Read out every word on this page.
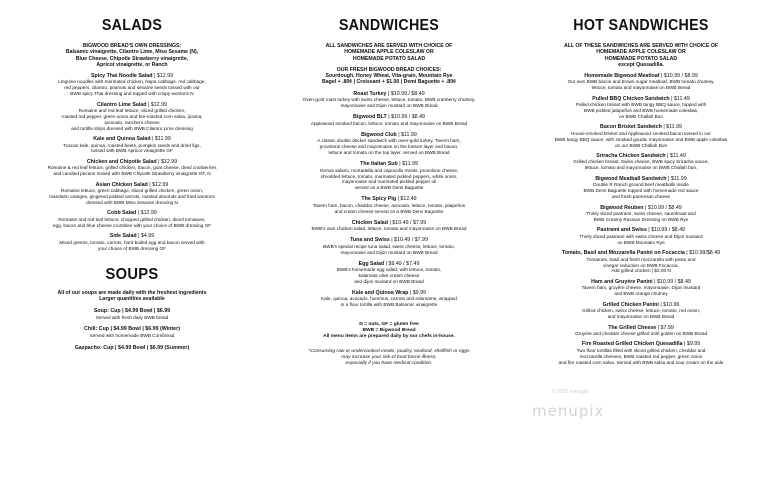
SALADS
BIGWOOD BREAD'S OWN DRESSINGS:
Balsamic vinaigrette, Cilantro Lime, Miso Sesame (N),
Blue Cheese, Chipotle Strawberry vinaigrette,
Apricot vinaigrette, or Ranch
Spicy Thai Noodle Salad | $12.99
Linguine noodles with marinated chicken, Napa cabbage, red cabbage,
red peppers, cilantro, peanuts and sesame seeds tossed with our
BWB spicy Thai dressing and topped with crispy wontons N
Cilantro Lime Salad | $12.99
Romaine and red leaf lettuce, sliced grilled chicken,
roasted red pepper, green onion and fire-roasted corn salsa, jicama,
avocado, ranchero cheese
and tortilla strips dressed with BWB Cilantro Lime dressing
Kale and Quinoa Salad | $11.99
Tuscan kale, quinoa, roasted beets, pumpkin seeds and dried figs,
tossed with BWB Apricot vinaigrette GF
Chicken and Chipotle Salad | $12.99
Romaine & red leaf lettuce, grilled chicken, bacon, goat cheese, dried cranberries
and candied pecans tossed with BWB Chipotle Strawberry vinaigrette GF, N
Asian Chicken Salad | $12.99
Romaine lettuce, green cabbage, sliced grilled chicken, green onion,
mandarin oranges, gingered pickled carrots, roasted almonds and fried wontons
dressed with BWB Miso Sesame dressing N
Cobb Salad | $12.99
Romaine and red leaf lettuce, chopped grilled chicken, diced tomatoes,
egg, bacon and blue cheese crumbles with your choice of BWB dressing GF
Side Salad | $4.99
Mixed greens, tomato, carrots, hard boiled egg and bacon served with
your choice of BWB dressing GF
SOUPS
All of our soups are made daily with the freshest ingredients
Larger quantities available
Soup: Cup | $4.99 Bowl | $6.99
Served with fresh daily BWB bread
Chili: Cup | $4.99 Bowl | $6.99 (Winter)
Served with homemade BWB Cornbread
Gazpacho: Cup | $4.99 Bowl | $6.99 (Summer)
SANDWICHES
ALL SANDWICHES ARE SERVED WITH CHOICE OF
HOMEMADE APPLE COLESLAW OR
HOMEMADE POTATO SALAD
OUR FRESH BIGWOOD BREAD CHOICES:
Sourdough, Honey Wheat, Vita-grain, Mountain Rye
Bagel + .80¢ | Croissant + $1.00 | Demi Baguette + .80¢
Roast Turkey | $10.99 / $8.49
Oven-gold roast turkey with swiss cheese, lettuce, tomato, BWB cranberry chutney,
mayonnaise and Dijon mustard on BWB Bread
Bigwood BLT | $10.99 / $8.49
Applewood smoked bacon, lettuce, tomato and mayonnaise on BWB Bread
Bigwood Club | $11.99
A classic double decker sandwich with oven-gold turkey, Tavern ham,
provolone cheese and mayonnaise on the bottom layer and bacon,
lettuce and tomato on the top layer, served on BWB Bread
The Italian Sub | $11.99
Genoa salami, mortadella and capocollo meats, provolone cheese,
shredded lettuce, tomato, marinated pickled peppers, white onion,
mayonnaise and marinated pickled pepper oil
served on a BWB Demi Baguette
The Spicy Pig | $12.49
Tavern ham, bacon, cheddar cheese, avocado, lettuce, tomato, jalapeños
and cream cheese served on a BWB Demi Baguette
Chicken Salad | $10.49 / $7.99
BWB's own chicken salad, lettuce, tomato and mayonnaise on BWB Bread
Tuna and Swiss | $10.49 / $7.99
BWB's special recipe tuna salad, swiss cheese, lettuce, tomato,
mayonnaise and Dijon mustard on BWB Bread
Egg Salad | $9.49 / $7.49
BWB's homemade egg salad, with lettuce, tomato,
kalamata olive cream cheese
and dijon mustard on BWB Bread
Kale and Quinoa Wrap | $9.99
Kale, quinoa, avocado, hummus, carrots and edamame, wrapped
in a flour tortilla with BWB Balsamic vinaigrette
N = nuts, GF = gluten free
BWB = Bigwood Bread
All menu items are prepared daily by our chefs in-house.
*Consuming raw or undercooked meats, poultry, seafood, shellfish or eggs
may increase your risk of food borne illness,
especially if you have medical condition.
HOT SANDWICHES
ALL OF THESE SANDWICHES ARE SERVED WITH CHOICE OF
HOMEMADE APPLE COLESLAW OR
HOMEMADE POTATO SALAD
except Quesadilla.
Homemade Bigwood Meatloaf | $10.99 / $8.99
Our own BWB bacon and brown sugar meatloaf, BWB tomato chutney,
lettuce, tomato and mayonnaise on BWB Bread
Pulled BBQ Chicken Sandwich | $11.49
Pulled chicken breast with BWB tangy BBQ sauce, topped with
BWB pickled jalapeños and BWB homemade coleslaw,
on BWB Challah Bun
Bacon Brisket Sandwich | $11.99
House-smoked brisket and Applewood smoked bacon tossed in our
BWB tangy BBQ sauce, with smoked gouda, mayonnaise and BWB apple coleslaw
on our BWB Challah Bun
Sriracha Chicken Sandwich | $11.49
Grilled chicken breast, Swiss cheese, BWB spicy Sriracha sauce,
lettuce, tomato and mayonnaise on BWB Challah bun.
Bigwood Meatball Sandwich | $11.99
Double R Ranch ground beef meatballs inside
BWB Demi Baguette topped with homemade red sauce
and fresh parmesan cheese
Bigwood Reuben | $10.99 / $8.49
Thinly sliced pastrami, swiss cheese, sauerkraut and
BWB Creamy Russian Dressing on BWB Rye
Pastrami and Swiss | $10.99 / $8.49
Thinly sliced pastrami with swiss cheese and Dijon mustard
on BWB Mountain Rye
Tomato, Basil and Mozzarella Panini on Focaccia | $10.99/$8.49
Tomatoes, basil and fresh mozzarella with pesto and
vinegar reduction on BWB Focaccia.
Add grilled chicken | $2.00 N
Ham and Gruyère Panini | $10.99 / $8.49
Tavern ham, gruyère cheese, mayonnaise, Dijon mustard
and BWB orange chutney
Grilled Chicken Panini | $10.99
Grilled chicken, swiss cheese, lettuce, tomato, red onion,
and mayonnaise on BWB Bread
The Grilled Cheese | $7.99
Gruyère and cheddar cheese grilled until golden on BWB Bread
Fire Roasted Grilled Chicken Quesadilla | $9.99
Two flour tortillas filled with sliced grilled chicken, cheddar and
mozzarella cheeses, BWB roasted red pepper, green onion
and fire roasted corn salsa. Served with BWB salsa and sour cream on the side
© 2016 menupix
menupix
